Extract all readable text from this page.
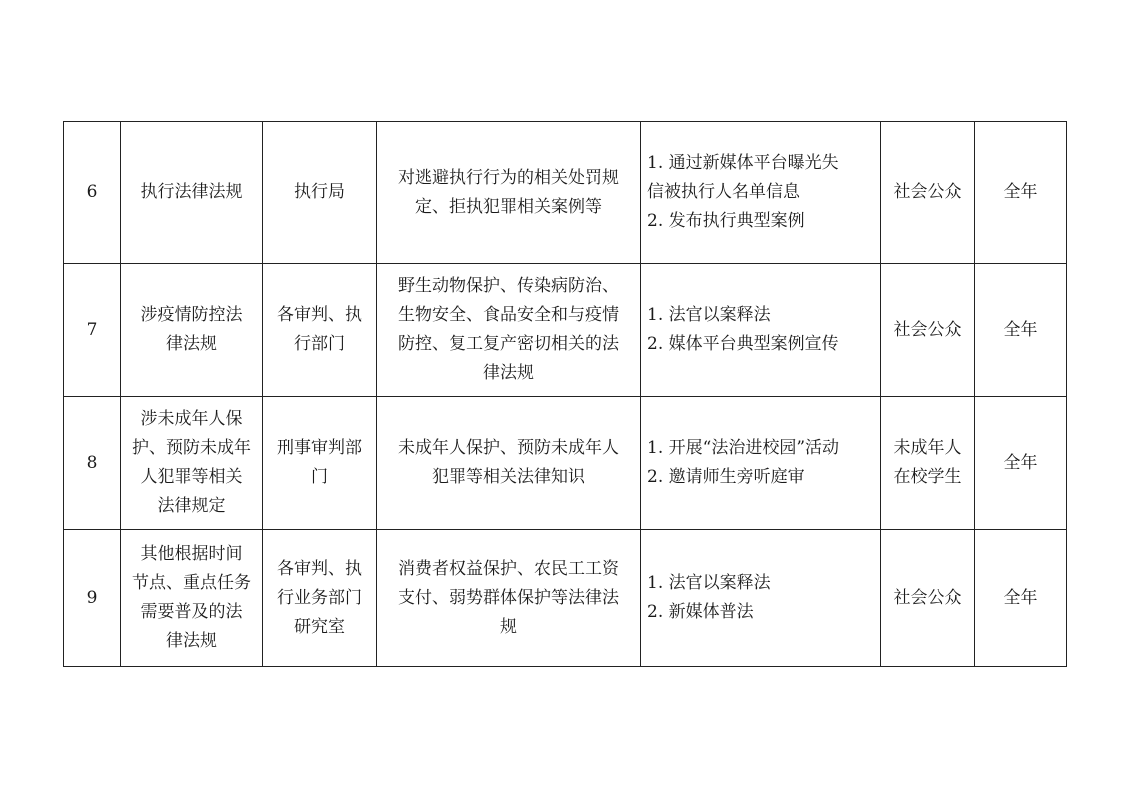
6	执行法律法规	执行局	对逃避执行行为的相关处罚规
定、拒执犯罪相关案例等	1. 通过新媒体平台曝光失
信被执行人名单信息
2. 发布执行典型案例	社会公众	全年
7	涉疫情防控法
律法规	各审判、执
行部门	野生动物保护、传染病防治、
生物安全、食品安全和与疫情
防控、复工复产密切相关的法
律法规	1. 法官以案释法
2. 媒体平台典型案例宣传	社会公众	全年
8	涉未成年人保
护、预防未成年
人犯罪等相关
法律规定	刑事审判部
门	未成年人保护、预防未成年人
犯罪等相关法律知识	1. 开展“法治进校园”活动
2. 邀请师生旁听庭审	未成年人
在校学生	全年
9	其他根据时间
节点、重点任务
需要普及的法
律法规	各审判、执
行业务部门
研究室	消费者权益保护、农民工工资
支付、弱势群体保护等法律法
规	1. 法官以案释法
2. 新媒体普法	社会公众	全年
